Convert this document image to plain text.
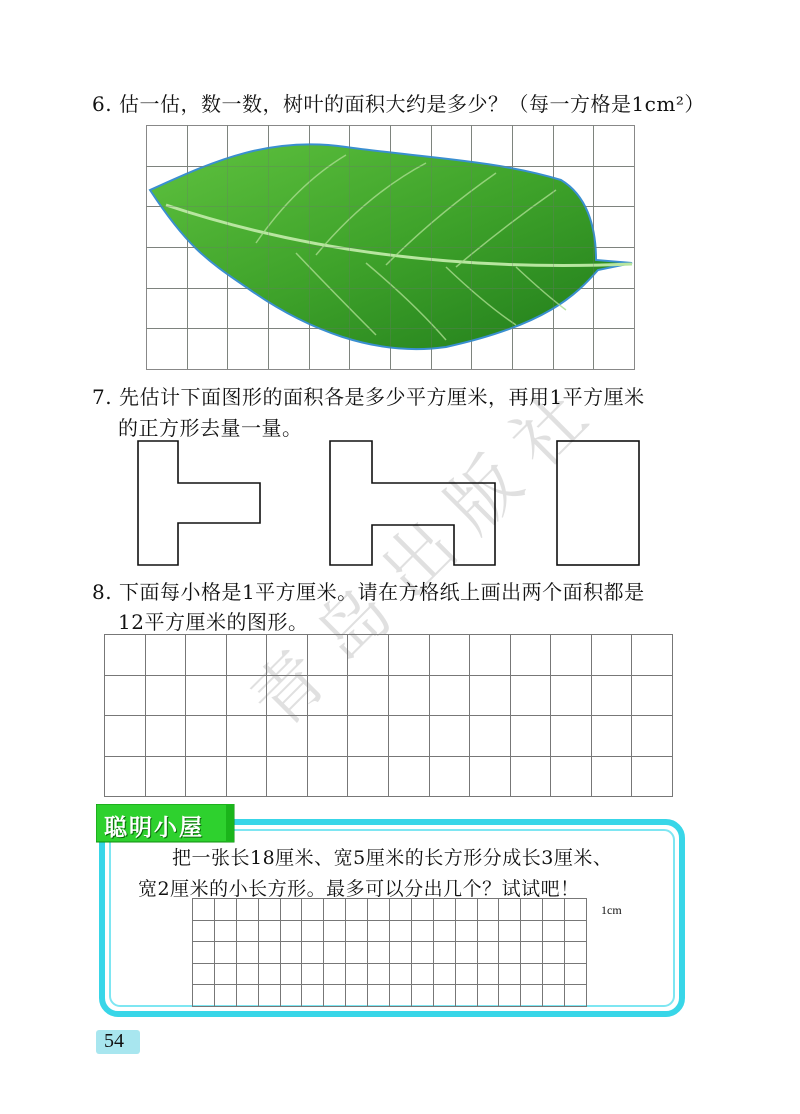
6. 估一估，数一数，树叶的面积大约是多少？（每一方格是1cm²）
7. 先估计下面图形的面积各是多少平方厘米，再用1平方厘米
的正方形去量一量。
青
岛
出
版
社
8. 下面每小格是1平方厘米。请在方格纸上画出两个面积都是
12平方厘米的图形。
聪明小屋
把一张长18厘米、宽5厘米的长方形分成长3厘米、
宽2厘米的小长方形。最多可以分出几个？试试吧！
1cm
54
